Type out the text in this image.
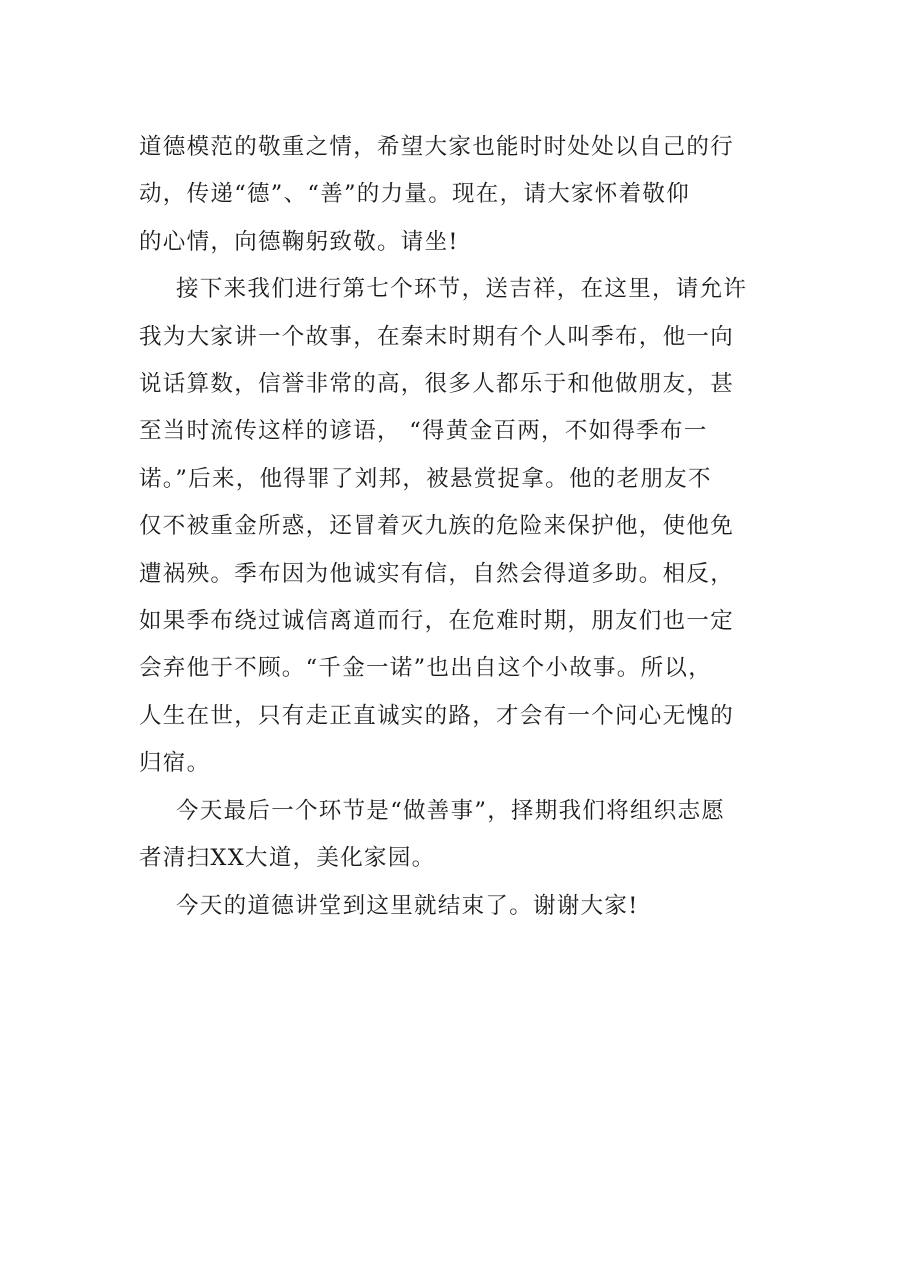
道德模范的敬重之情，希望大家也能时时处处以自己的行
动，传递“德”、“善”的力量。现在，请大家怀着敬仰
的心情，向德鞠躬致敬。请坐!

接下来我们进行第七个环节，送吉祥，在这里，请允许
我为大家讲一个故事，在秦末时期有个人叫季布，他一向
说话算数，信誉非常的高，很多人都乐于和他做朋友，甚
至当时流传这样的谚语， “得黄金百两，不如得季布一
诺。”后来，他得罪了刘邦，被悬赏捉拿。他的老朋友不
仅不被重金所惑，还冒着灭九族的危险来保护他，使他免
遭祸殃。季布因为他诚实有信，自然会得道多助。相反，
如果季布绕过诚信离道而行，在危难时期，朋友们也一定
会弃他于不顾。“千金一诺”也出自这个小故事。所以，
人生在世，只有走正直诚实的路，才会有一个问心无愧的
归宿。

今天最后一个环节是“做善事”，择期我们将组织志愿
者清扫XX大道，美化家园。

今天的道德讲堂到这里就结束了。谢谢大家!
